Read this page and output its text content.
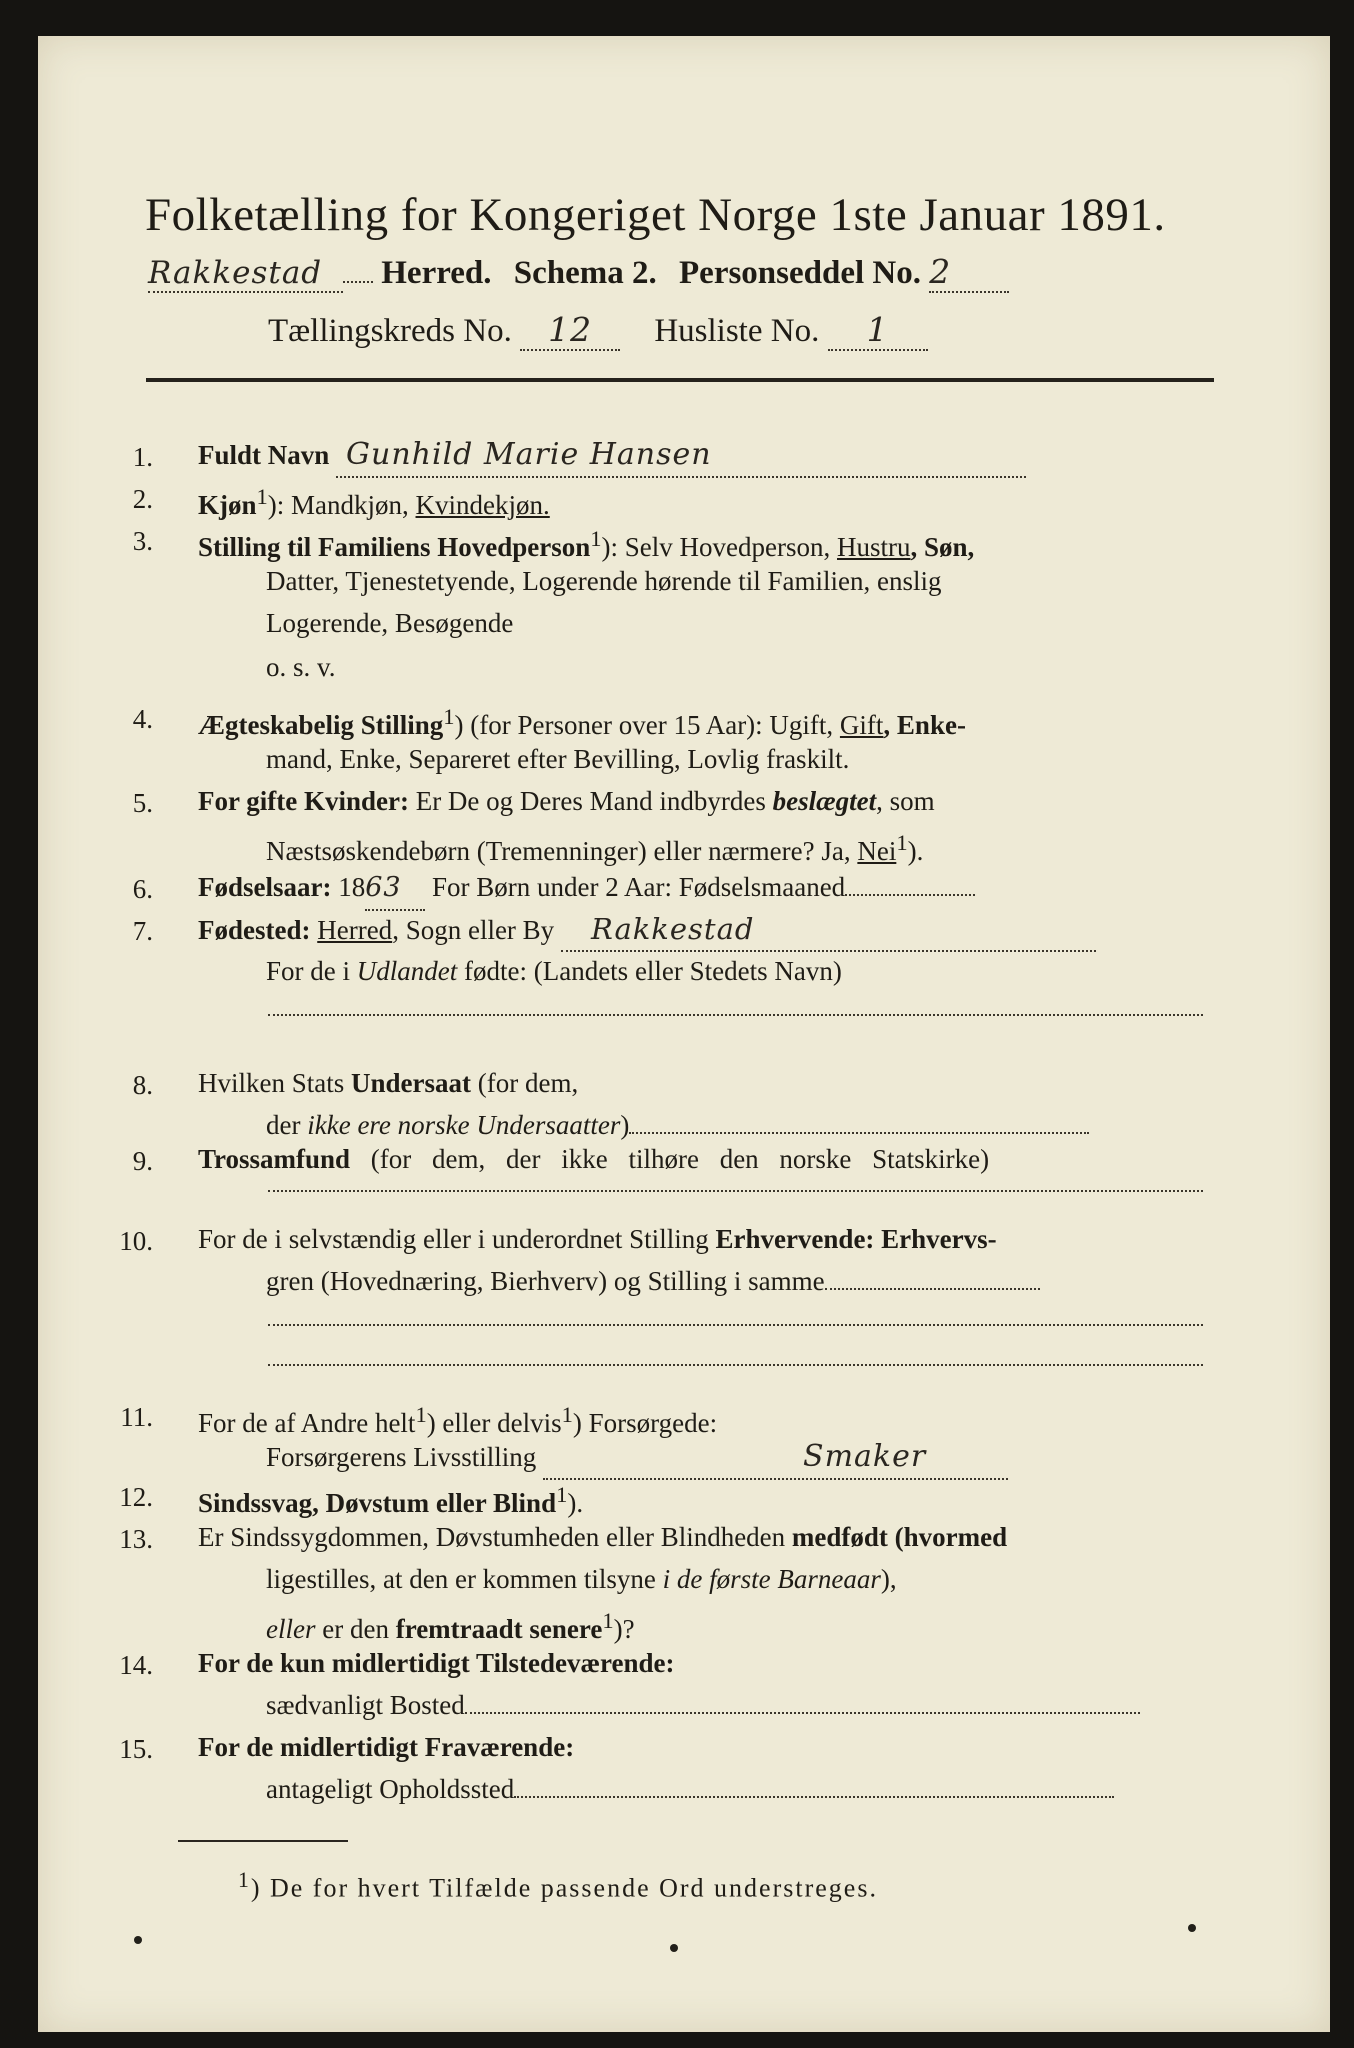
Folketælling for Kongeriget Norge 1ste Januar 1891.
Rakkestad Herred. Schema 2. Personseddel No. 2
Tællingskreds No. 12 Husliste No. 1
1. Fuldt Navn Gunhild Marie Hansen
2. Kjøn$^1$): Mandkjøn, Kvindekjøn.
3. Stilling til Familiens Hovedperson$^1$): Selv Hovedperson, Hustru, Søn,
Datter, Tjenestetyende, Logerende hørende til Familien, enslig
Logerende, Besøgende
o. s. v.
4. Ægteskabelig Stilling$^1$) (for Personer over 15 Aar): Ugift, Gift, Enke-
mand, Enke, Separeret efter Bevilling, Lovlig fraskilt.
5. For gifte Kvinder: Er De og Deres Mand indbyrdes beslægtet, som
Næstsøskendebørn (Tremenninger) eller nærmere? Ja, Nei$^1$).
6. Fødselsaar: 1863 For Børn under 2 Aar: Fødselsmaaned
7. Fødested: Herred, Sogn eller By Rakkestad
For de i Udlandet fødte: (Landets eller Stedets Navn)
8. Hvilken Stats Undersaat (for dem,
der ikke ere norske Undersaatter)
9. Trossamfund (for dem, der ikke tilhøre den norske Statskirke)
10. For de i selvstændig eller i underordnet Stilling Erhvervende: Erhvervs-
gren (Hovednæring, Bierhverv) og Stilling i samme
11. For de af Andre helt$^1$) eller delvis$^1$) Forsørgede:
Forsørgerens Livsstilling	Smaker
12. Sindssvag, Døvstum eller Blind$^1$).
13. Er Sindssygdommen, Døvstumheden eller Blindheden medfødt (hvormed
ligestilles, at den er kommen tilsyne i de første Barneaar),
eller er den fremtraadt senere$^1$)?
14. For de kun midlertidigt Tilstedeværende:
sædvanligt Bosted
15. For de midlertidigt Fraværende:
antageligt Opholdssted
$^1$) De for hvert Tilfælde passende Ord understreges.
